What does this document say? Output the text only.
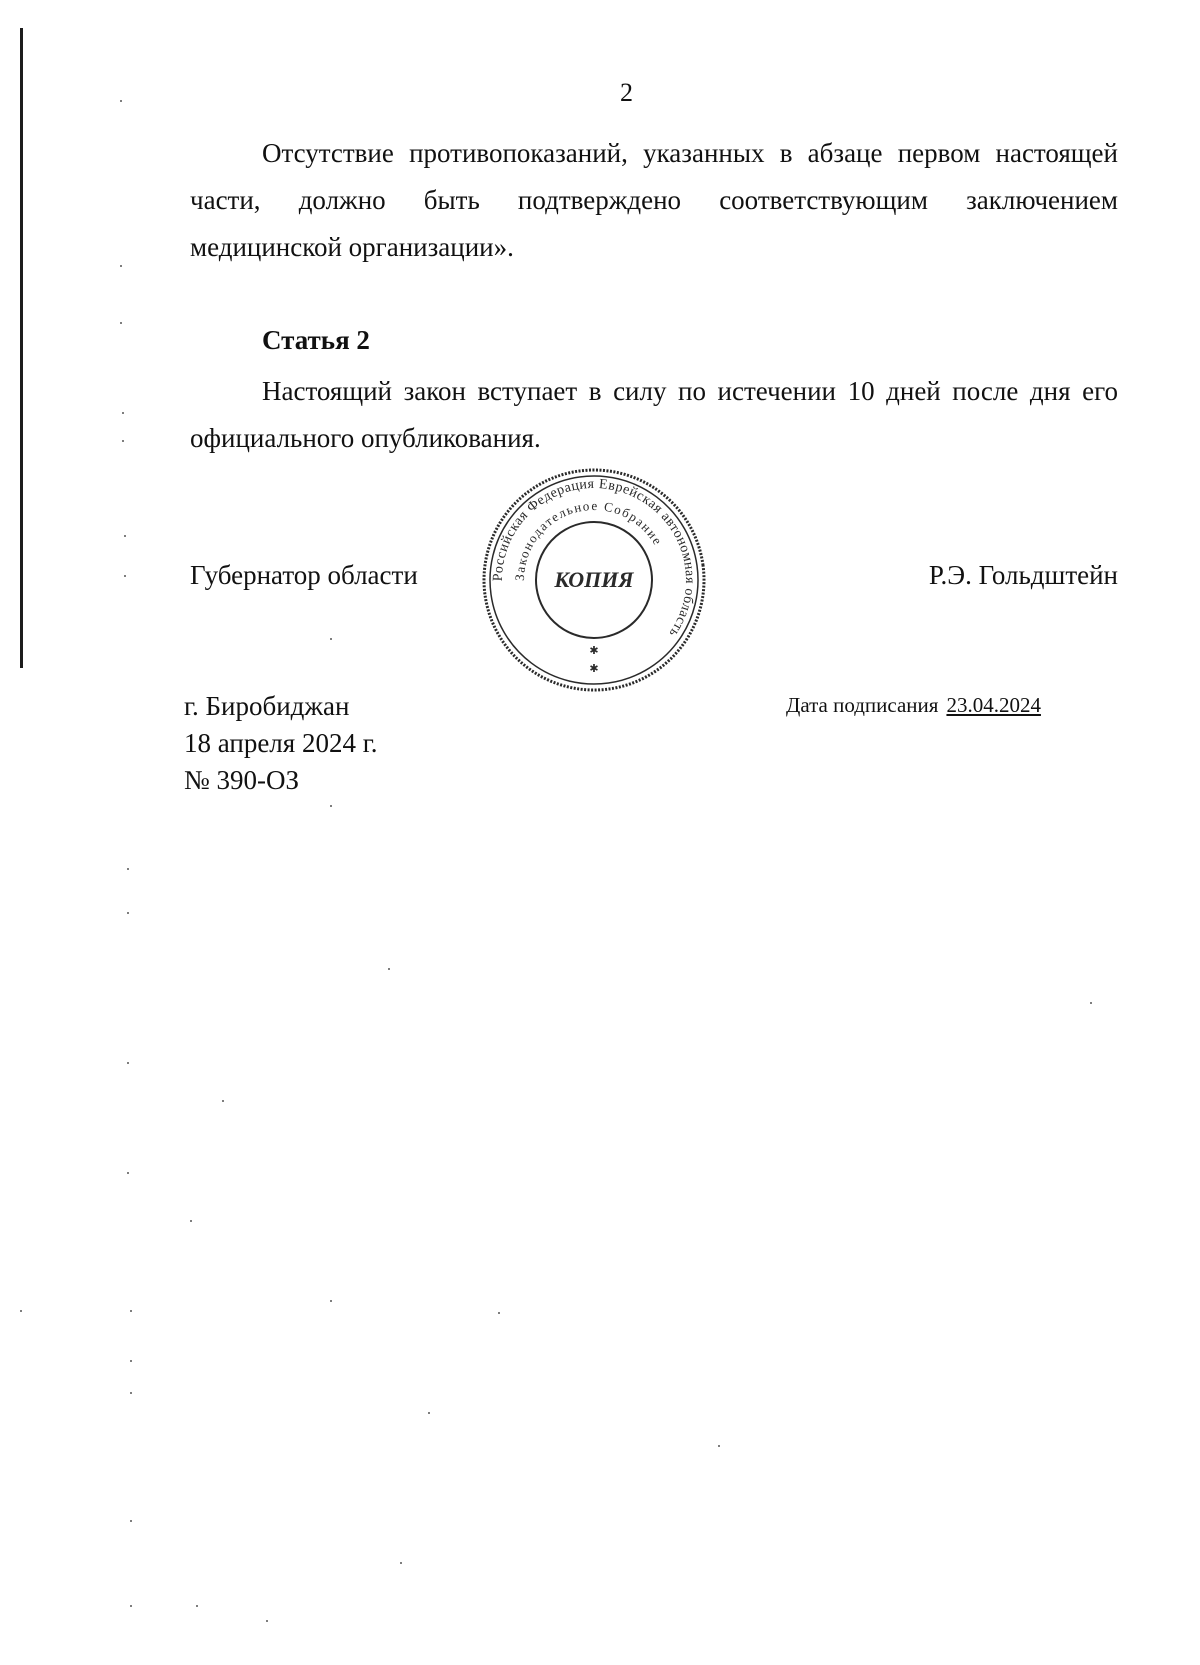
2

Отсутствие противопоказаний, указанных в абзаце первом настоящей части, должно быть подтверждено соответствующим заключением медицинской организации».

Статья 2

Настоящий закон вступает в силу по истечении 10 дней после дня его официального опубликования.

Губернатор области	Р.Э. Гольдштейн
Российская Федерация Еврейская автономная область
Законодательное Собрание
КОПИЯ
✱
✱
г. Биробиджан
18 апреля 2024 г.
№ 390-ОЗ
Дата подписания 23.04.2024
